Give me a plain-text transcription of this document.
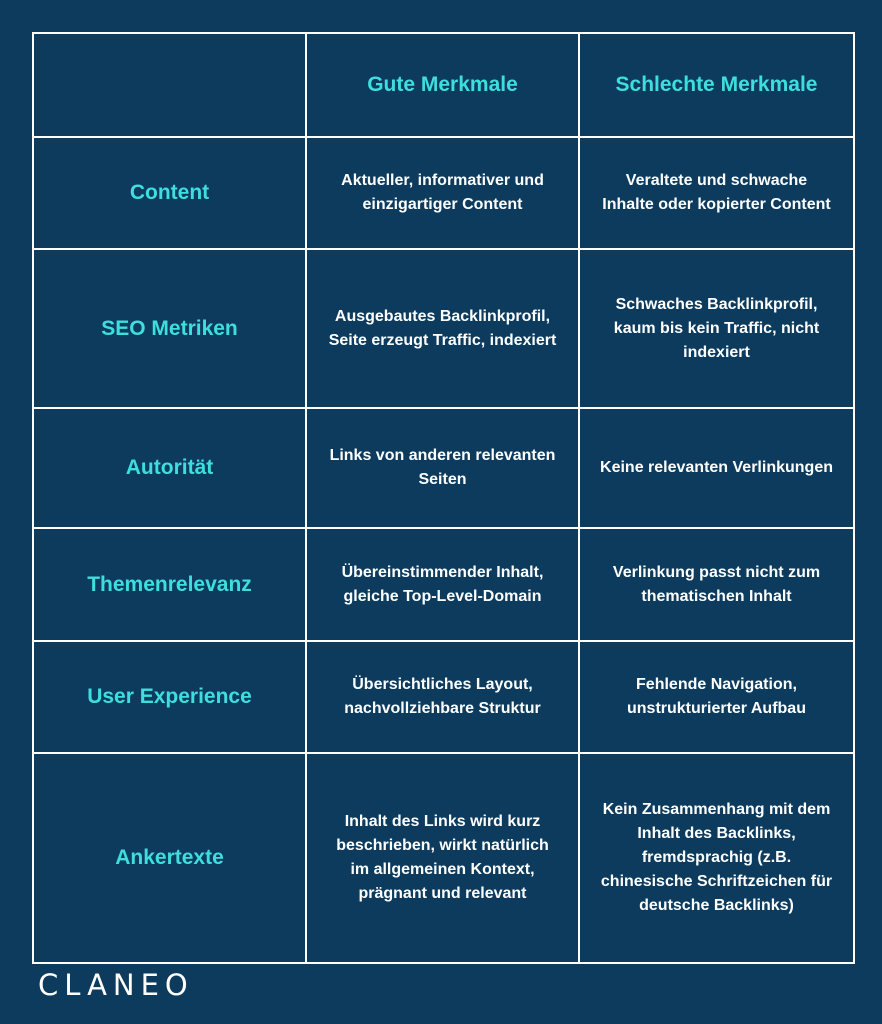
	Gute Merkmale	Schlechte Merkmale
Content	Aktueller, informativer und einzigartiger Content	Veraltete und schwache Inhalte oder kopierter Content
SEO Metriken	Ausgebautes Backlinkprofil, Seite erzeugt Traffic, indexiert	Schwaches Backlinkprofil, kaum bis kein Traffic, nicht indexiert
Autorität	Links von anderen relevanten Seiten	Keine relevanten Verlinkungen
Themenrelevanz	Übereinstimmender Inhalt, gleiche Top-Level-Domain	Verlinkung passt nicht zum thematischen Inhalt
User Experience	Übersichtliches Layout, nachvollziehbare Struktur	Fehlende Navigation, unstrukturierter Aufbau
Ankertexte	Inhalt des Links wird kurz beschrieben, wirkt natürlich im allgemeinen Kontext, prägnant und relevant	Kein Zusammenhang mit dem Inhalt des Backlinks, fremdsprachig (z.B. chinesische Schriftzeichen für deutsche Backlinks)
CLANEO
